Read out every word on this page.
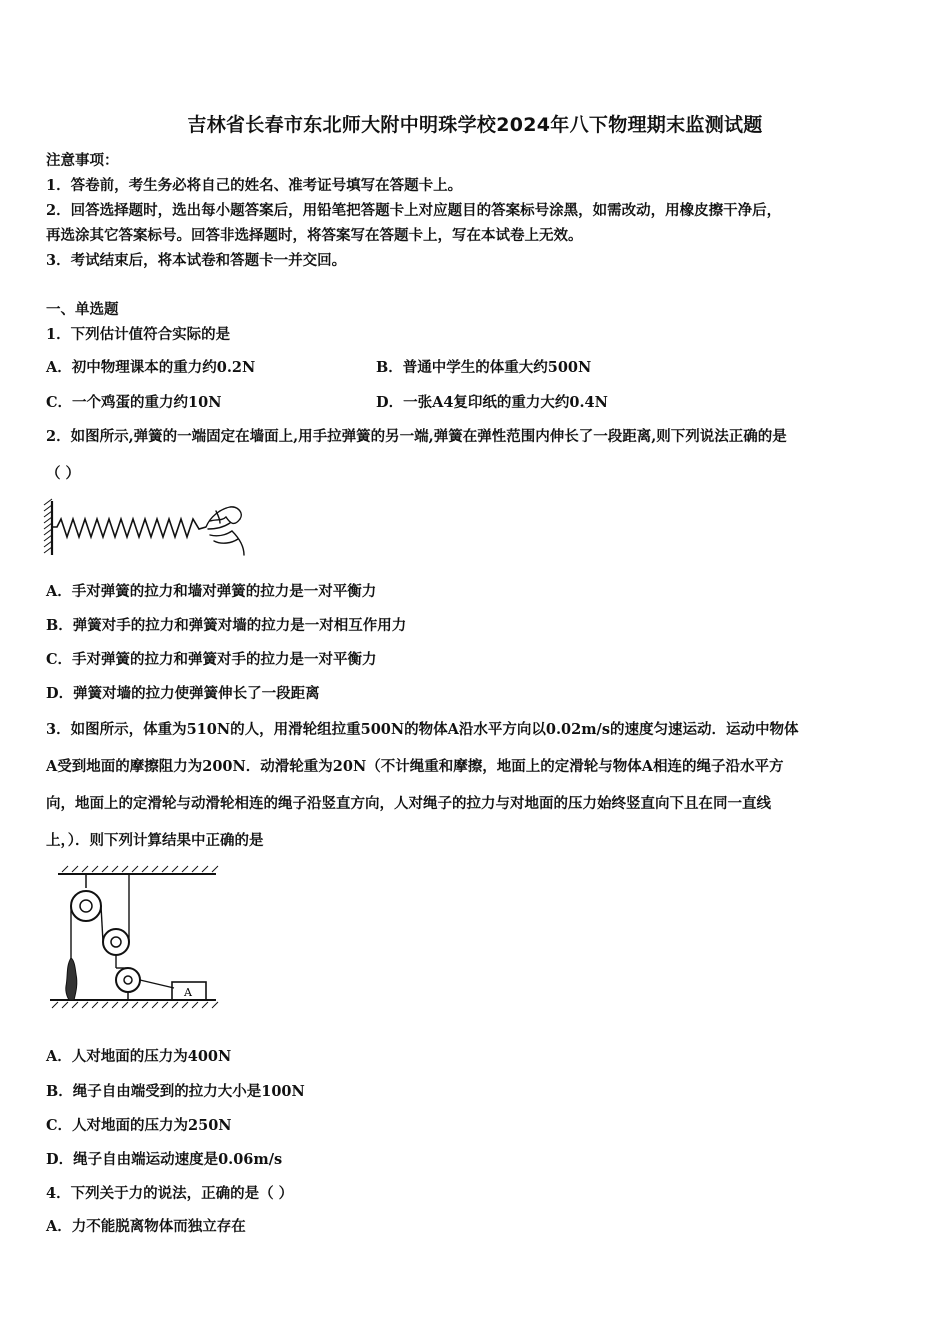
吉林省长春市东北师大附中明珠学校2024年八下物理期末监测试题
注意事项：
1．答卷前，考生务必将自己的姓名、准考证号填写在答题卡上。
2．回答选择题时，选出每小题答案后，用铅笔把答题卡上对应题目的答案标号涂黑，如需改动，用橡皮擦干净后，
再选涂其它答案标号。回答非选择题时，将答案写在答题卡上，写在本试卷上无效。
3．考试结束后，将本试卷和答题卡一并交回。
一、单选题
1．下列估计值符合实际的是
A．初中物理课本的重力约0.2N	B．普通中学生的体重大约500N
C．一个鸡蛋的重力约10N	D．一张A4复印纸的重力大约0.4N
2．如图所示,弹簧的一端固定在墙面上,用手拉弹簧的另一端,弹簧在弹性范围内伸长了一段距离,则下列说法正确的是
（ ）
A．手对弹簧的拉力和墙对弹簧的拉力是一对平衡力
B．弹簧对手的拉力和弹簧对墙的拉力是一对相互作用力
C．手对弹簧的拉力和弹簧对手的拉力是一对平衡力
D．弹簧对墙的拉力使弹簧伸长了一段距离
3．如图所示，体重为510N的人，用滑轮组拉重500N的物体A沿水平方向以0.02m/s的速度匀速运动．运动中物体
A受到地面的摩擦阻力为200N．动滑轮重为20N（不计绳重和摩擦，地面上的定滑轮与物体A相连的绳子沿水平方
向，地面上的定滑轮与动滑轮相连的绳子沿竖直方向，人对绳子的拉力与对地面的压力始终竖直向下且在同一直线
上，）．则下列计算结果中正确的是
A
A．人对地面的压力为400N
B．绳子自由端受到的拉力大小是100N
C．人对地面的压力为250N
D．绳子自由端运动速度是0.06m/s
4．下列关于力的说法，正确的是（ ）
A．力不能脱离物体而独立存在
